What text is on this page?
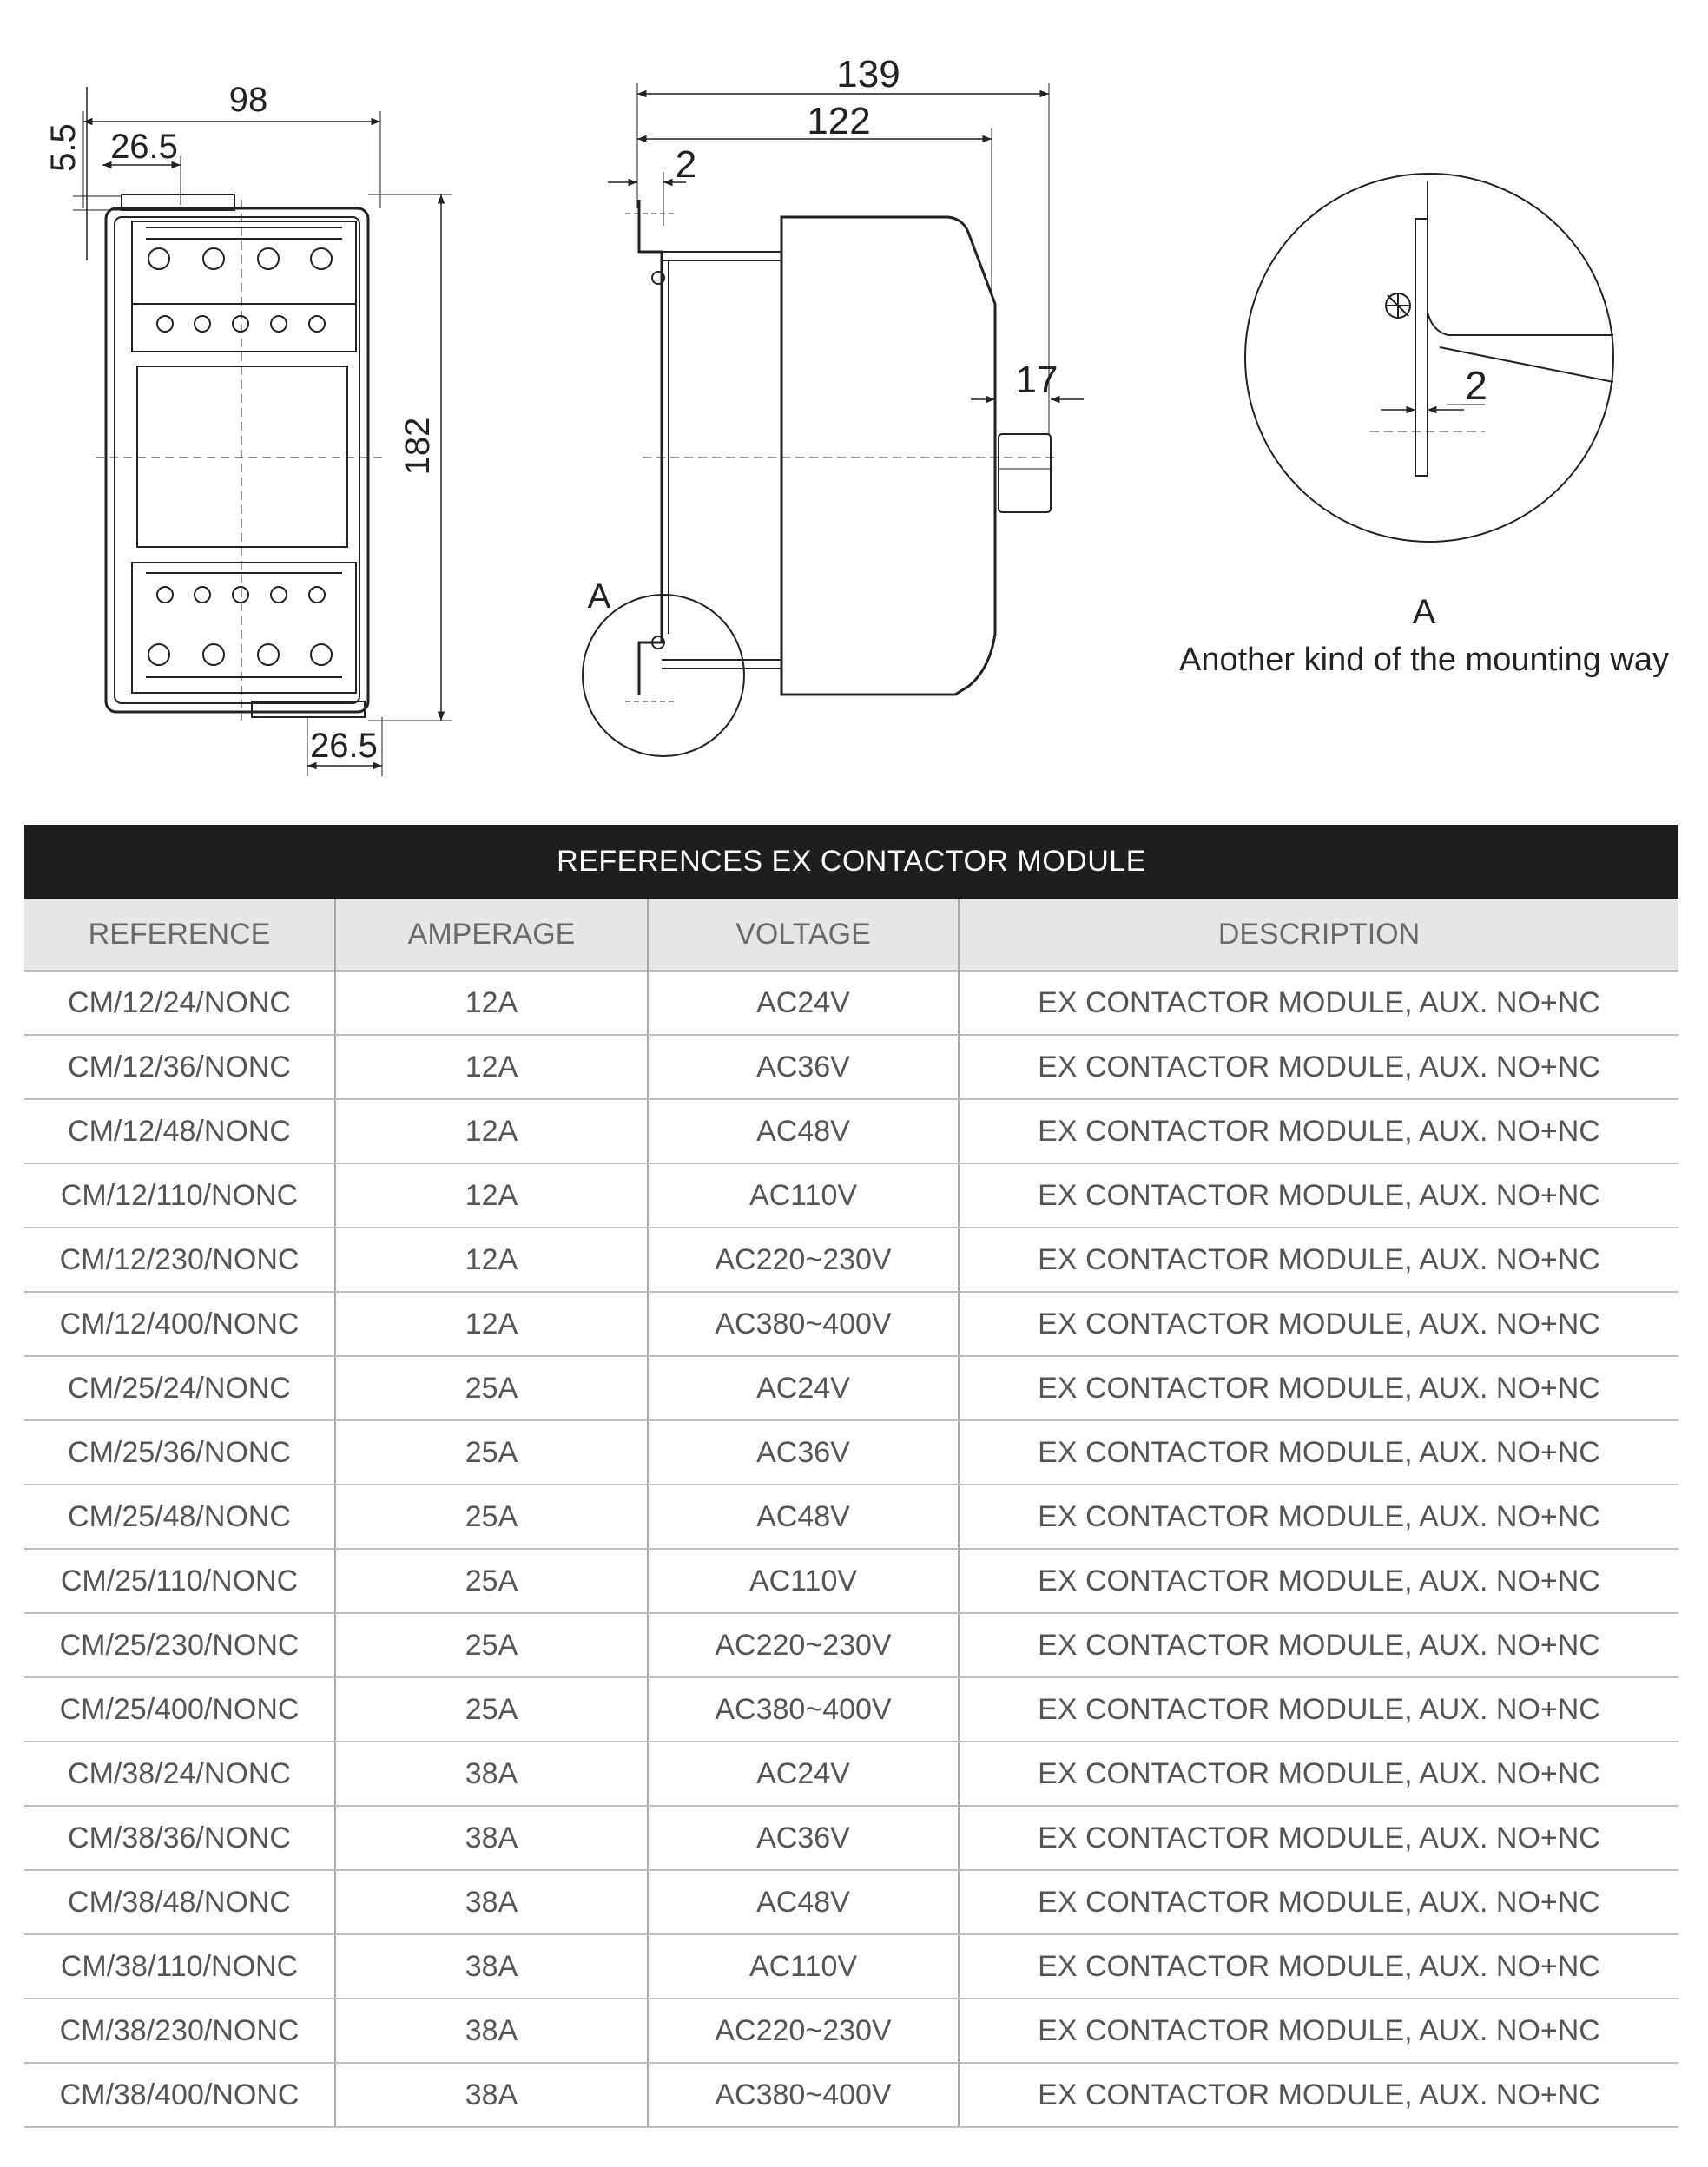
98
26.5
5.5
182
26.5
139
122
2
17
A
2
A
Another kind of the mounting way
REFERENCES EX CONTACTOR MODULE			
REFERENCE	AMPERAGE	VOLTAGE	DESCRIPTION
CM/12/24/NONC	12A	AC24V	EX CONTACTOR MODULE, AUX. NO+NC
CM/12/36/NONC	12A	AC36V	EX CONTACTOR MODULE, AUX. NO+NC
CM/12/48/NONC	12A	AC48V	EX CONTACTOR MODULE, AUX. NO+NC
CM/12/110/NONC	12A	AC110V	EX CONTACTOR MODULE, AUX. NO+NC
CM/12/230/NONC	12A	AC220~230V	EX CONTACTOR MODULE, AUX. NO+NC
CM/12/400/NONC	12A	AC380~400V	EX CONTACTOR MODULE, AUX. NO+NC
CM/25/24/NONC	25A	AC24V	EX CONTACTOR MODULE, AUX. NO+NC
CM/25/36/NONC	25A	AC36V	EX CONTACTOR MODULE, AUX. NO+NC
CM/25/48/NONC	25A	AC48V	EX CONTACTOR MODULE, AUX. NO+NC
CM/25/110/NONC	25A	AC110V	EX CONTACTOR MODULE, AUX. NO+NC
CM/25/230/NONC	25A	AC220~230V	EX CONTACTOR MODULE, AUX. NO+NC
CM/25/400/NONC	25A	AC380~400V	EX CONTACTOR MODULE, AUX. NO+NC
CM/38/24/NONC	38A	AC24V	EX CONTACTOR MODULE, AUX. NO+NC
CM/38/36/NONC	38A	AC36V	EX CONTACTOR MODULE, AUX. NO+NC
CM/38/48/NONC	38A	AC48V	EX CONTACTOR MODULE, AUX. NO+NC
CM/38/110/NONC	38A	AC110V	EX CONTACTOR MODULE, AUX. NO+NC
CM/38/230/NONC	38A	AC220~230V	EX CONTACTOR MODULE, AUX. NO+NC
CM/38/400/NONC	38A	AC380~400V	EX CONTACTOR MODULE, AUX. NO+NC
